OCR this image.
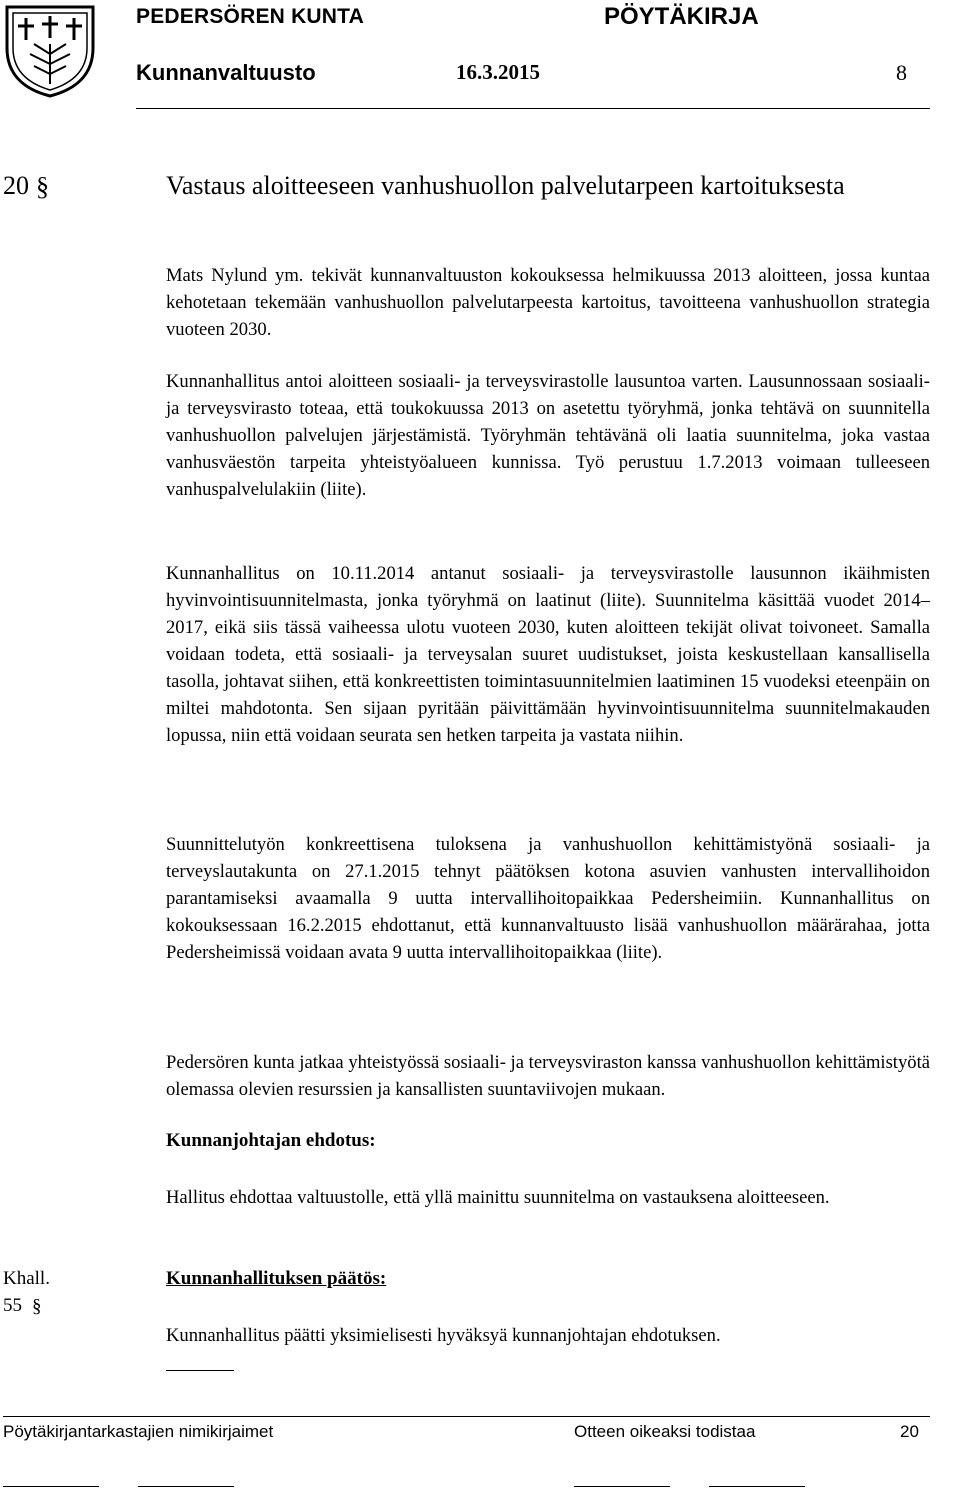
PEDERSÖREN KUNTA	PÖYTÄKIRJA
Kunnanvaltuusto	16.3.2015	8
20 §	Vastaus aloitteeseen vanhushuollon palvelutarpeen kartoituksesta
Mats Nylund ym. tekivät kunnanvaltuuston kokouksessa helmikuussa 2013 aloitteen, jossa kuntaa kehotetaan tekemään vanhushuollon palvelutarpeesta kartoitus, tavoitteena vanhushuollon strategia vuoteen 2030.
Kunnanhallitus antoi aloitteen sosiaali- ja terveysvirastolle lausuntoa varten. Lausunnossaan sosiaali- ja terveysvirasto toteaa, että toukokuussa 2013 on asetettu työryhmä, jonka tehtävä on suunnitella vanhushuollon palvelujen järjestämistä. Työryhmän tehtävänä oli laatia suunnitelma, joka vastaa vanhusväestön tarpeita yhteistyöalueen kunnissa. Työ perustuu 1.7.2013 voimaan tulleeseen vanhuspalvelulakiin (liite).
Kunnanhallitus on 10.11.2014 antanut sosiaali- ja terveysvirastolle lausunnon ikäihmisten hyvinvointisuunnitelmasta, jonka työryhmä on laatinut (liite). Suunnitelma käsittää vuodet 2014–2017, eikä siis tässä vaiheessa ulotu vuoteen 2030, kuten aloitteen tekijät olivat toivoneet. Samalla voidaan todeta, että sosiaali- ja terveysalan suuret uudistukset, joista keskustellaan kansallisella tasolla, johtavat siihen, että konkreettisten toimintasuunnitelmien laatiminen 15 vuodeksi eteenpäin on miltei mahdotonta. Sen sijaan pyritään päivittämään hyvinvointisuunnitelma suunnitelmakauden lopussa, niin että voidaan seurata sen hetken tarpeita ja vastata niihin.
Suunnittelutyön konkreettisena tuloksena ja vanhushuollon kehittämistyönä sosiaali- ja terveyslautakunta on 27.1.2015 tehnyt päätöksen kotona asuvien vanhusten intervallihoidon parantamiseksi avaamalla 9 uutta intervallihoitopaikkaa Pedersheimiin. Kunnanhallitus on kokouksessaan 16.2.2015 ehdottanut, että kunnanvaltuusto lisää vanhushuollon määrärahaa, jotta Pedersheimissä voidaan avata 9 uutta intervallihoitopaikkaa (liite).
Pedersören kunta jatkaa yhteistyössä sosiaali- ja terveysviraston kanssa vanhushuollon kehittämistyötä olemassa olevien resurssien ja kansallisten suuntaviivojen mukaan.
Kunnanjohtajan ehdotus:
Hallitus ehdottaa valtuustolle, että yllä mainittu suunnitelma on vastauksena aloitteeseen.
Khall.
55 §
Kunnanhallituksen päätös:
Kunnanhallitus päätti yksimielisesti hyväksyä kunnanjohtajan ehdotuksen.
Pöytäkirjantarkastajien nimikirjaimet	Otteen oikeaksi todistaa	20
